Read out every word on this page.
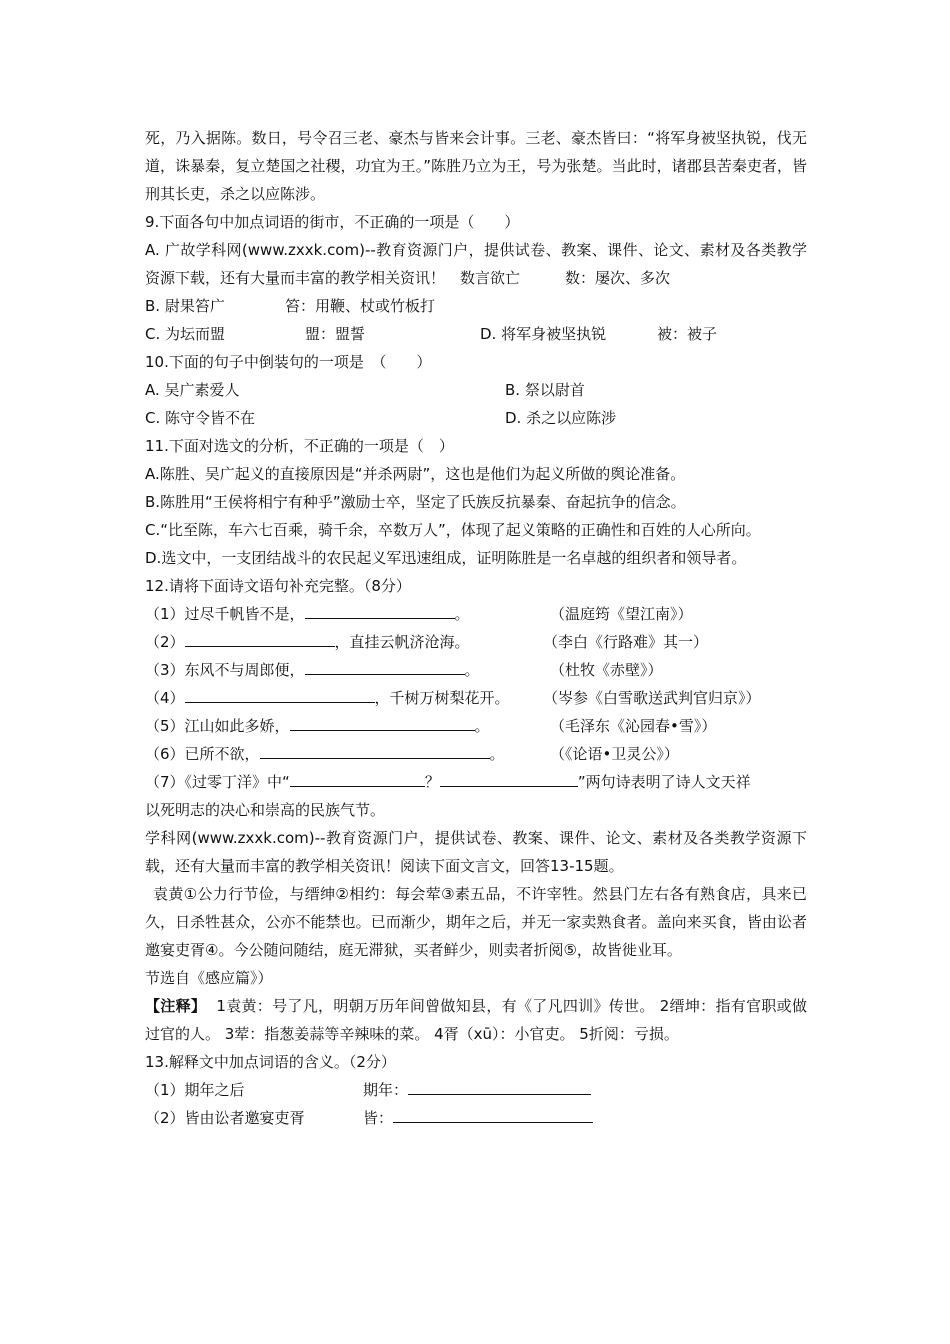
死，乃入据陈。数日，号令召三老、豪杰与皆来会计事。三老、豪杰皆曰：“将军身被坚执锐，伐无道，诛暴秦，复立楚国之社稷，功宜为王。”陈胜乃立为王，号为张楚。当此时，诸郡县苦秦吏者，皆刑其长吏，杀之以应陈涉。

9.下面各句中加点词语的街市，不正确的一项是（　　）

A. 广故学科网(www.zxxk.com)--教育资源门户，提供试卷、教案、课件、论文、素材及各类教学资源下载，还有大量而丰富的教学相关资讯！　数言欲亡　　　数：屡次、多次

B. 尉果笞广	笞：用鞭、杖或竹板打
C. 为坛而盟	盟：盟誓	D. 将军身被坚执锐	被：被子

10.下面的句子中倒装句的一项是　（　　）

A. 吴广素爱人	B. 祭以尉首
C. 陈守令皆不在	D. 杀之以应陈涉

11.下面对选文的分析，不正确的一项是（　）

A.陈胜、吴广起义的直接原因是“并杀两尉”，这也是他们为起义所做的舆论准备。

B.陈胜用“王侯将相宁有种乎”激励士卒，坚定了氏族反抗暴秦、奋起抗争的信念。

C.“比至陈，车六七百乘，骑千余，卒数万人”，体现了起义策略的正确性和百姓的人心所向。

D.选文中，一支团结战斗的农民起义军迅速组成，证明陈胜是一名卓越的组织者和领导者。

12.请将下面诗文语句补充完整。（8分）

（1）过尽千帆皆不是，	。	（温庭筠《望江南》）
（2）	，直挂云帆济沧海。	（李白《行路难》其一）
（3）东风不与周郎便，	。	（杜牧《赤壁》）
（4）	，千树万树梨花开。 （岑参《白雪歌送武判官归京》）
（5）江山如此多娇，	。	（毛泽东《沁园春•雪》）
（6）已所不欲，	。	（《论语•卫灵公》）
（7）《过零丁洋》中“	？	”两句诗表明了诗人文天祥

以死明志的决心和崇高的民族气节。

学科网(www.zxxk.com)--教育资源门户，提供试卷、教案、课件、论文、素材及各类教学资源下载，还有大量而丰富的教学相关资讯！阅读下面文言文，回答13-15题。

袁黄①公力行节俭，与缙绅②相约：每会荤③素五品，不许宰牲。然县门左右各有熟食店，具来已久，日杀牲甚众，公亦不能禁也。已而渐少，期年之后，并无一家卖熟食者。盖向来买食，皆由讼者邀宴吏胥④。今公随问随结，庭无滞狱，买者鲜少，则卖者折阅⑤，故皆徙业耳。

节选自《感应篇》）

【注释】 1袁黄：号了凡，明朝万历年间曾做知县，有《了凡四训》传世。 2缙坤：指有官职或做过官的人。 3荤：指葱姜蒜等辛辣味的菜。 4胥（xū）：小官吏。 5折阅：亏损。

13.解释文中加点词语的含义。（2分）

（1）期年之后	期年：
（2）皆由讼者邀宴吏胥	皆：
